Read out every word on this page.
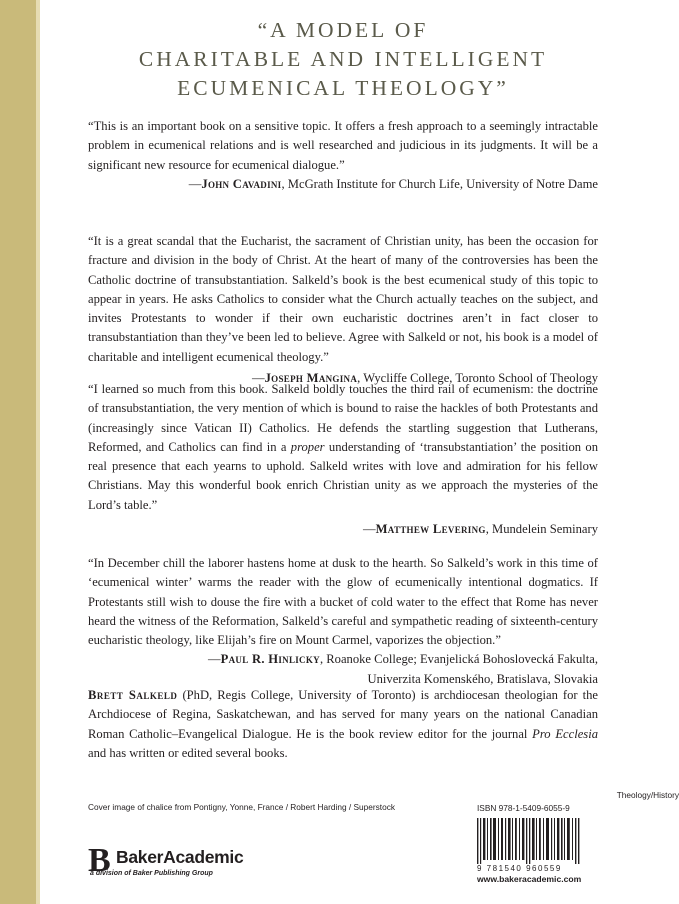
“A MODEL OF
CHARITABLE AND INTELLIGENT
ECUMENICAL THEOLOGY”

“This is an important book on a sensitive topic. It offers a fresh approach to a seemingly intractable problem in ecumenical relations and is well researched and judicious in its judgments. It will be a significant new resource for ecumenical dialogue.”

—John Cavadini, McGrath Institute for Church Life, University of Notre Dame

“It is a great scandal that the Eucharist, the sacrament of Christian unity, has been the occasion for fracture and division in the body of Christ. At the heart of many of the controversies has been the Catholic doctrine of transubstantiation. Salkeld’s book is the best ecumenical study of this topic to appear in years. He asks Catholics to consider what the Church actually teaches on the subject, and invites Protestants to wonder if their own eucharistic doctrines aren’t in fact closer to transubstantiation than they’ve been led to believe. Agree with Salkeld or not, his book is a model of charitable and intelligent ecumenical theology.”

—Joseph Mangina, Wycliffe College, Toronto School of Theology

“I learned so much from this book. Salkeld boldly touches the third rail of ecumenism: the doctrine of transubstantiation, the very mention of which is bound to raise the hackles of both Protestants and (increasingly since Vatican II) Catholics. He defends the startling suggestion that Lutherans, Reformed, and Catholics can find in a proper understanding of ‘transubstantiation’ the position on real presence that each yearns to uphold. Salkeld writes with love and admiration for his fellow Christians. May this wonderful book enrich Christian unity as we approach the mysteries of the Lord’s table.”

—Matthew Levering, Mundelein Seminary

“In December chill the laborer hastens home at dusk to the hearth. So Salkeld’s work in this time of ‘ecumenical winter’ warms the reader with the glow of ecumenically intentional dogmatics. If Protestants still wish to douse the fire with a bucket of cold water to the effect that Rome has never heard the witness of the Reformation, Salkeld’s careful and sympathetic reading of sixteenth-century eucharistic theology, like Elijah’s fire on Mount Carmel, vaporizes the objection.”

—Paul R. Hinlicky, Roanoke College; Evanjelická Bohoslovecká Fakulta,
Univerzita Komenského, Bratislava, Slovakia
Brett Salkeld (PhD, Regis College, University of Toronto) is archdiocesan theologian for the Archdiocese of Regina, Saskatchewan, and has served for many years on the national Canadian Roman Catholic–Evangelical Dialogue. He is the book review editor for the journal Pro Ecclesia and has written or edited several books.
Cover image of chalice from Pontigny, Yonne, France / Robert Harding / Superstock
Theology/History
ISBN 978-1-5409-6055-9
9 781540 960559
www.bakeracademic.com
B BakerAcademic
a division of Baker Publishing Group
